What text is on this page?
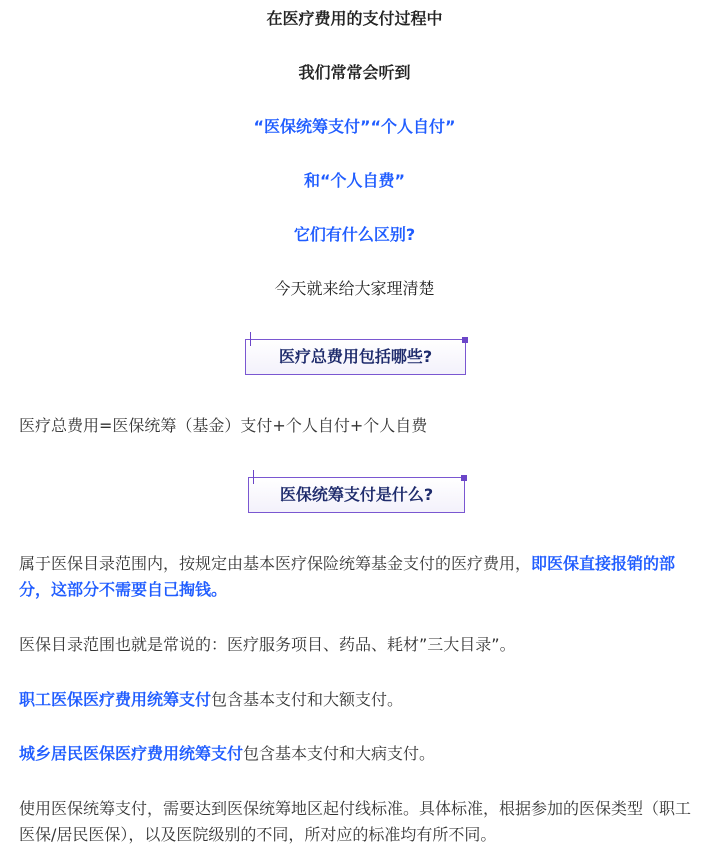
在医疗费用的支付过程中
我们常常会听到
“医保统筹支付”“个人自付”
和“个人自费”
它们有什么区别?
今天就来给大家理清楚
医疗总费用包括哪些?
医疗总费用=医保统筹（基金）支付+个人自付+个人自费
医保统筹支付是什么?
属于医保目录范围内，按规定由基本医疗保险统筹基金支付的医疗费用，即医保直接报销的部分，这部分不需要自己掏钱。
医保目录范围也就是常说的：医疗服务项目、药品、耗材”三大目录”。
职工医保医疗费用统筹支付包含基本支付和大额支付。
城乡居民医保医疗费用统筹支付包含基本支付和大病支付。
使用医保统筹支付，需要达到医保统筹地区起付线标准。具体标准，根据参加的医保类型（职工医保/居民医保），以及医院级别的不同，所对应的标准均有所不同。
